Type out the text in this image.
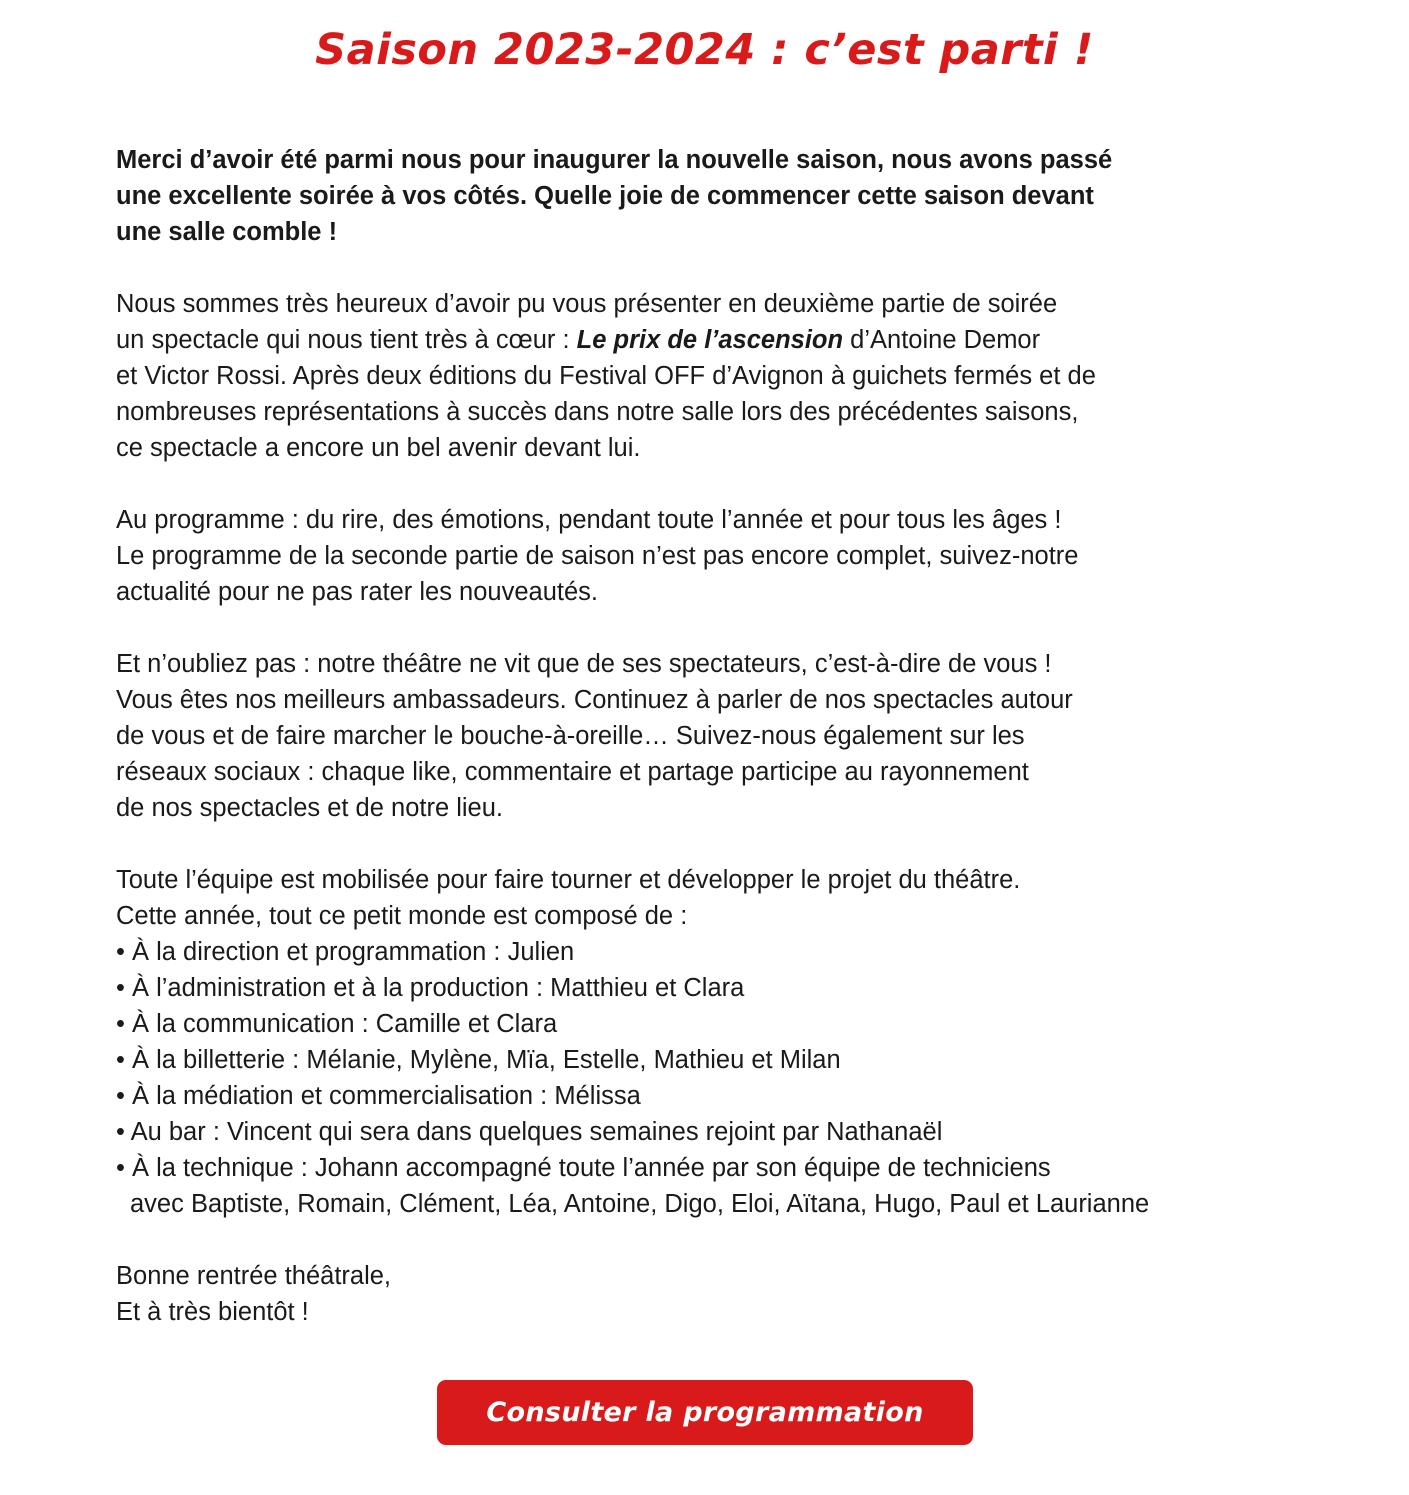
Saison 2023-2024 : c’est parti !

Merci d’avoir été parmi nous pour inaugurer la nouvelle saison, nous avons passé
une excellente soirée à vos côtés. Quelle joie de commencer cette saison devant
une salle comble !

Nous sommes très heureux d’avoir pu vous présenter en deuxième partie de soirée
un spectacle qui nous tient très à cœur : Le prix de l’ascension d’Antoine Demor
et Victor Rossi. Après deux éditions du Festival OFF d’Avignon à guichets fermés et de
nombreuses représentations à succès dans notre salle lors des précédentes saisons,
ce spectacle a encore un bel avenir devant lui.

Au programme : du rire, des émotions, pendant toute l’année et pour tous les âges !
Le programme de la seconde partie de saison n’est pas encore complet, suivez-notre
actualité pour ne pas rater les nouveautés.

Et n’oubliez pas : notre théâtre ne vit que de ses spectateurs, c’est-à-dire de vous !
Vous êtes nos meilleurs ambassadeurs. Continuez à parler de nos spectacles autour
de vous et de faire marcher le bouche-à-oreille… Suivez-nous également sur les
réseaux sociaux : chaque like, commentaire et partage participe au rayonnement
de nos spectacles et de notre lieu.

Toute l’équipe est mobilisée pour faire tourner et développer le projet du théâtre.
Cette année, tout ce petit monde est composé de :
• À la direction et programmation : Julien
• À l’administration et à la production : Matthieu et Clara
• À la communication : Camille et Clara
• À la billetterie : Mélanie, Mylène, Mïa, Estelle, Mathieu et Milan
• À la médiation et commercialisation : Mélissa
• Au bar : Vincent qui sera dans quelques semaines rejoint par Nathanaël
• À la technique : Johann accompagné toute l’année par son équipe de techniciens
avec Baptiste, Romain, Clément, Léa, Antoine, Digo, Eloi, Aïtana, Hugo, Paul et Laurianne

Bonne rentrée théâtrale,
Et à très bientôt !

Consulter la programmation
